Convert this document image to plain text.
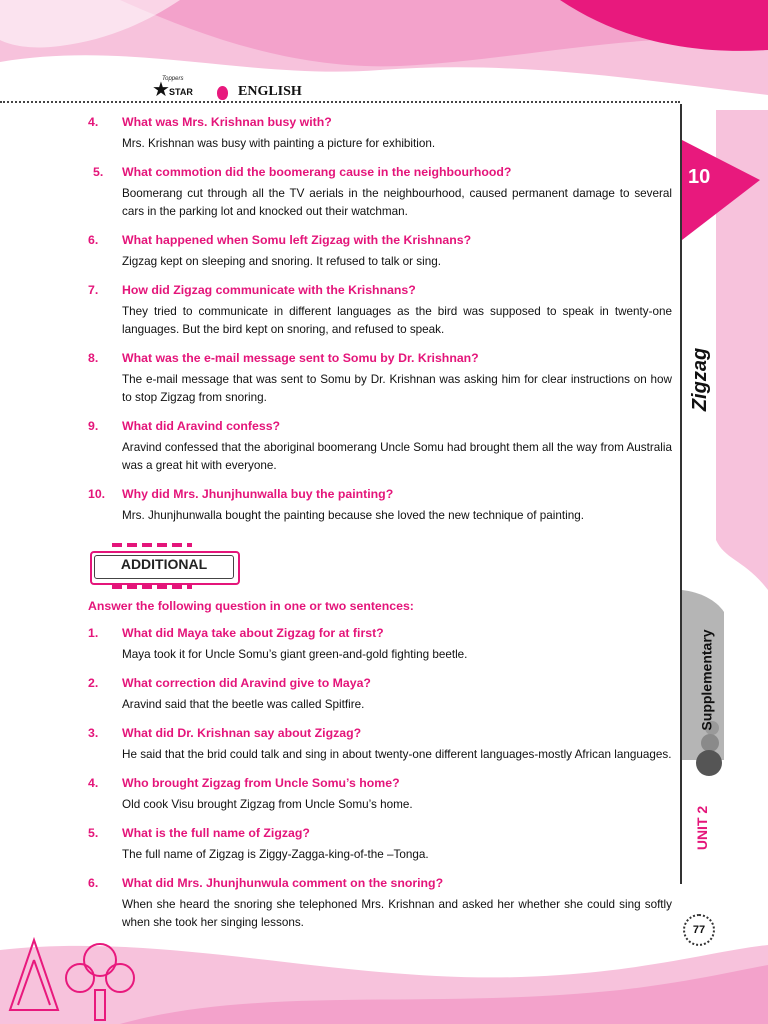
Toppers
★ STAR	ENGLISH
4.	What was Mrs. Krishnan busy with?
Mrs. Krishnan was busy with painting a picture for exhibition.
5.	What commotion did the boomerang cause in the neighbourhood?
Boomerang cut through all the TV aerials in the neighbourhood, caused permanent damage to several cars in the parking lot and knocked out their watchman.
6.	What happened when Somu left Zigzag with the Krishnans?
Zigzag kept on sleeping and snoring. It refused to talk or sing.
7.	How did Zigzag communicate with the Krishnans?
They tried to communicate in different languages as the bird was supposed to speak in twenty-one languages. But the bird kept on snoring, and refused to speak.
8.	What was the e-mail message sent to Somu by Dr. Krishnan?
The e-mail message that was sent to Somu by Dr. Krishnan was asking him for clear instructions on how to stop Zigzag from snoring.
9.	What did Aravind confess?
Aravind confessed that the aboriginal boomerang Uncle Somu had brought them all the way from Australia was a great hit with everyone.
10.	Why did Mrs. Jhunjhunwalla buy the painting?
Mrs. Jhunjhunwalla bought the painting because she loved the new technique of painting.
ADDITIONAL
Answer the following question in one or two sentences:
1.	What did Maya take about Zigzag for at first?
Maya took it for Uncle Somu’s giant green-and-gold fighting beetle.
2.	What correction did Aravind give to Maya?
Aravind said that the beetle was called Spitfire.
3.	What did Dr. Krishnan say about Zigzag?
He said that the brid could talk and sing in about twenty-one different languages-mostly African languages.
4.	Who brought Zigzag from Uncle Somu’s home?
Old cook Visu brought Zigzag from Uncle Somu’s home.
5.	What is the full name of Zigzag?
The full name of Zigzag is Ziggy-Zagga-king-of-the –Tonga.
6.	What did Mrs. Jhunjhunwula comment on the snoring?
When she heard the snoring she telephoned Mrs. Krishnan and asked her whether she could sing softly when she took her singing lessons.
10
Zigzag
Supplementary
UNIT 2
77
